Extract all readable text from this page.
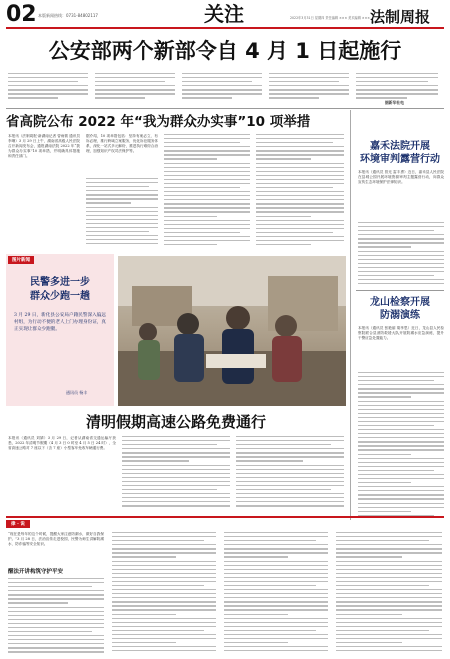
02 本版新闻热线：0731-84802117	关注	2022年3月31日 星期四 责任编辑 ××× 美术编辑 ××× 法制周报
公安部两个新部令自 4 月 1 日起施行
据新华社电
省高院公布 2022 年“我为群众办实事”10 项举措
本报讯（法制周报·新湖南记者 曾雨微 通讯员 李琳）3 月 29 日上午，湖南省高级人民法院召开新闻发布会，通报湖南法院 2022 年“我为群众办实事”10 项举措，并明确具体措施和责任部门。
据介绍，10 项举措包括：坚持有案必立、有诉必理，推行跨域立案服务，优化诉讼服务体系，深化一站式多元解纷，推进执行难综合治理，加强知识产权司法保护等。	嘉禾法院开展
环境审判露营行动
本报讯（通讯员 曾光 雷丰勇）近日，嘉禾县人民法院在县城公园开展环境资源审判主题露营行动，向群众宣传生态环境保护法律知识。
图片新闻
民警多进一步
群众少跑一趟
3 月 29 日，新化县公安局户籍民警深入偏远村组，为行动不便的老人上门办理身份证，真正实现让群众少跑腿。
通讯员 杨丰
龙山检察开展
防溺演练
本报讯（通讯员 张艳丽 胡孝思）近日，龙山县人民检察院联合县消防救援大队开展防溺水应急演练，提升干警应急处置能力。
清明假期高速公路免费通行
本报讯（通讯员 刘婧）3 月 29 日，记者从湖南省交通运输厅获悉，2022 年清明节假期（4 月 3 日 0 时至 4 月 5 日 24 时），全省高速公路对 7 座以下（含 7 座）小型客车免收车辆通行费。
律 · 说
“现在是每年的这个时候，提醒大家注意防溺水，做好自我保护。”3 月 28 日，法治宣传走进校园，民警为师生讲解防溺水、防诈骗等安全知识。
醒法开讲构筑守护平安
